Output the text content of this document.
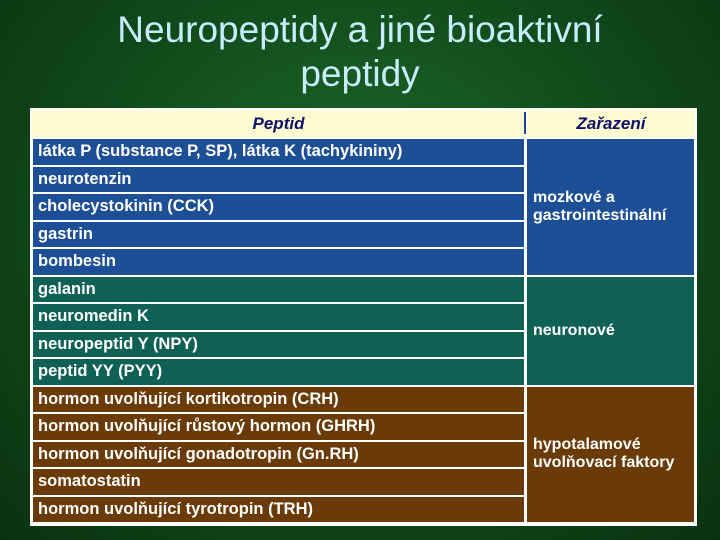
Neuropeptidy a jiné bioaktivní
peptidy
Peptid	Zařazení
látka P (substance P, SP), látka K (tachykininy)
neurotenzin
cholecystokinin (CCK)
gastrin
bombesin
galanin
neuromedin K
neuropeptid Y (NPY)
peptid YY (PYY)
hormon uvolňující kortikotropin (CRH)
hormon uvolňující růstový hormon (GHRH)
hormon uvolňující gonadotropin (Gn.RH)
somatostatin
hormon uvolňující tyrotropin (TRH)
mozkové a
gastrointestinální
neuronové
hypotalamové
uvolňovací faktory
